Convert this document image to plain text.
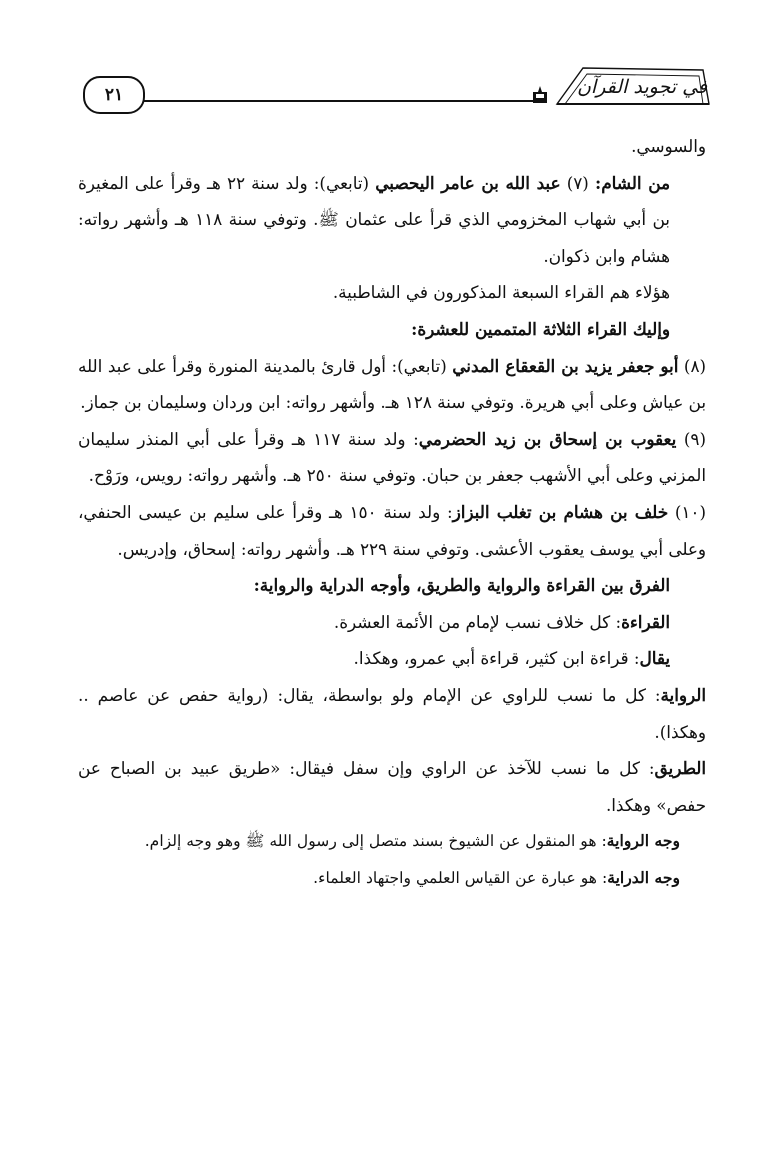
٢١	في تجويد القرآن

والسوسي.

من الشام: (٧) عبد الله بن عامر اليحصبي (تابعي): ولد سنة ٢٢ هـ وقرأ على المغيرة بن أبي شهاب المخزومي الذي قرأ على عثمان ﷺ. وتوفي سنة ١١٨ هـ وأشهر رواته: هشام وابن ذكوان.

هؤلاء هم القراء السبعة المذكورون في الشاطبية.

وإليك القراء الثلاثة المتممين للعشرة:

(٨) أبو جعفر يزيد بن القعقاع المدني (تابعي): أول قارئ بالمدينة المنورة وقرأ على عبد الله بن عياش وعلى أبي هريرة. وتوفي سنة ١٢٨ هـ. وأشهر رواته: ابن وردان وسليمان بن جماز.

(٩) يعقوب بن إسحاق بن زيد الحضرمي: ولد سنة ١١٧ هـ وقرأ على أبي المنذر سليمان المزني وعلى أبي الأشهب جعفر بن حبان. وتوفي سنة ٢٥٠ هـ. وأشهر رواته: رويس، ورَوْح.

(١٠) خلف بن هشام بن تغلب البزاز: ولد سنة ١٥٠ هـ وقرأ على سليم بن عيسى الحنفي، وعلى أبي يوسف يعقوب الأعشى. وتوفي سنة ٢٢٩ هـ. وأشهر رواته: إسحاق، وإدريس.

الفرق بين القراءة والرواية والطريق، وأوجه الدراية والرواية:

القراءة: كل خلاف نسب لإمام من الأئمة العشرة.

يقال: قراءة ابن كثير، قراءة أبي عمرو، وهكذا.

الرواية: كل ما نسب للراوي عن الإمام ولو بواسطة، يقال: (رواية حفص عن عاصم .. وهكذا).

الطريق: كل ما نسب للآخذ عن الراوي وإن سفل فيقال: «طريق عبيد بن الصباح عن حفص» وهكذا.

وجه الرواية: هو المنقول عن الشيوخ بسند متصل إلى رسول الله ﷺ وهو وجه إلزام.

وجه الدراية: هو عبارة عن القياس العلمي واجتهاد العلماء.
